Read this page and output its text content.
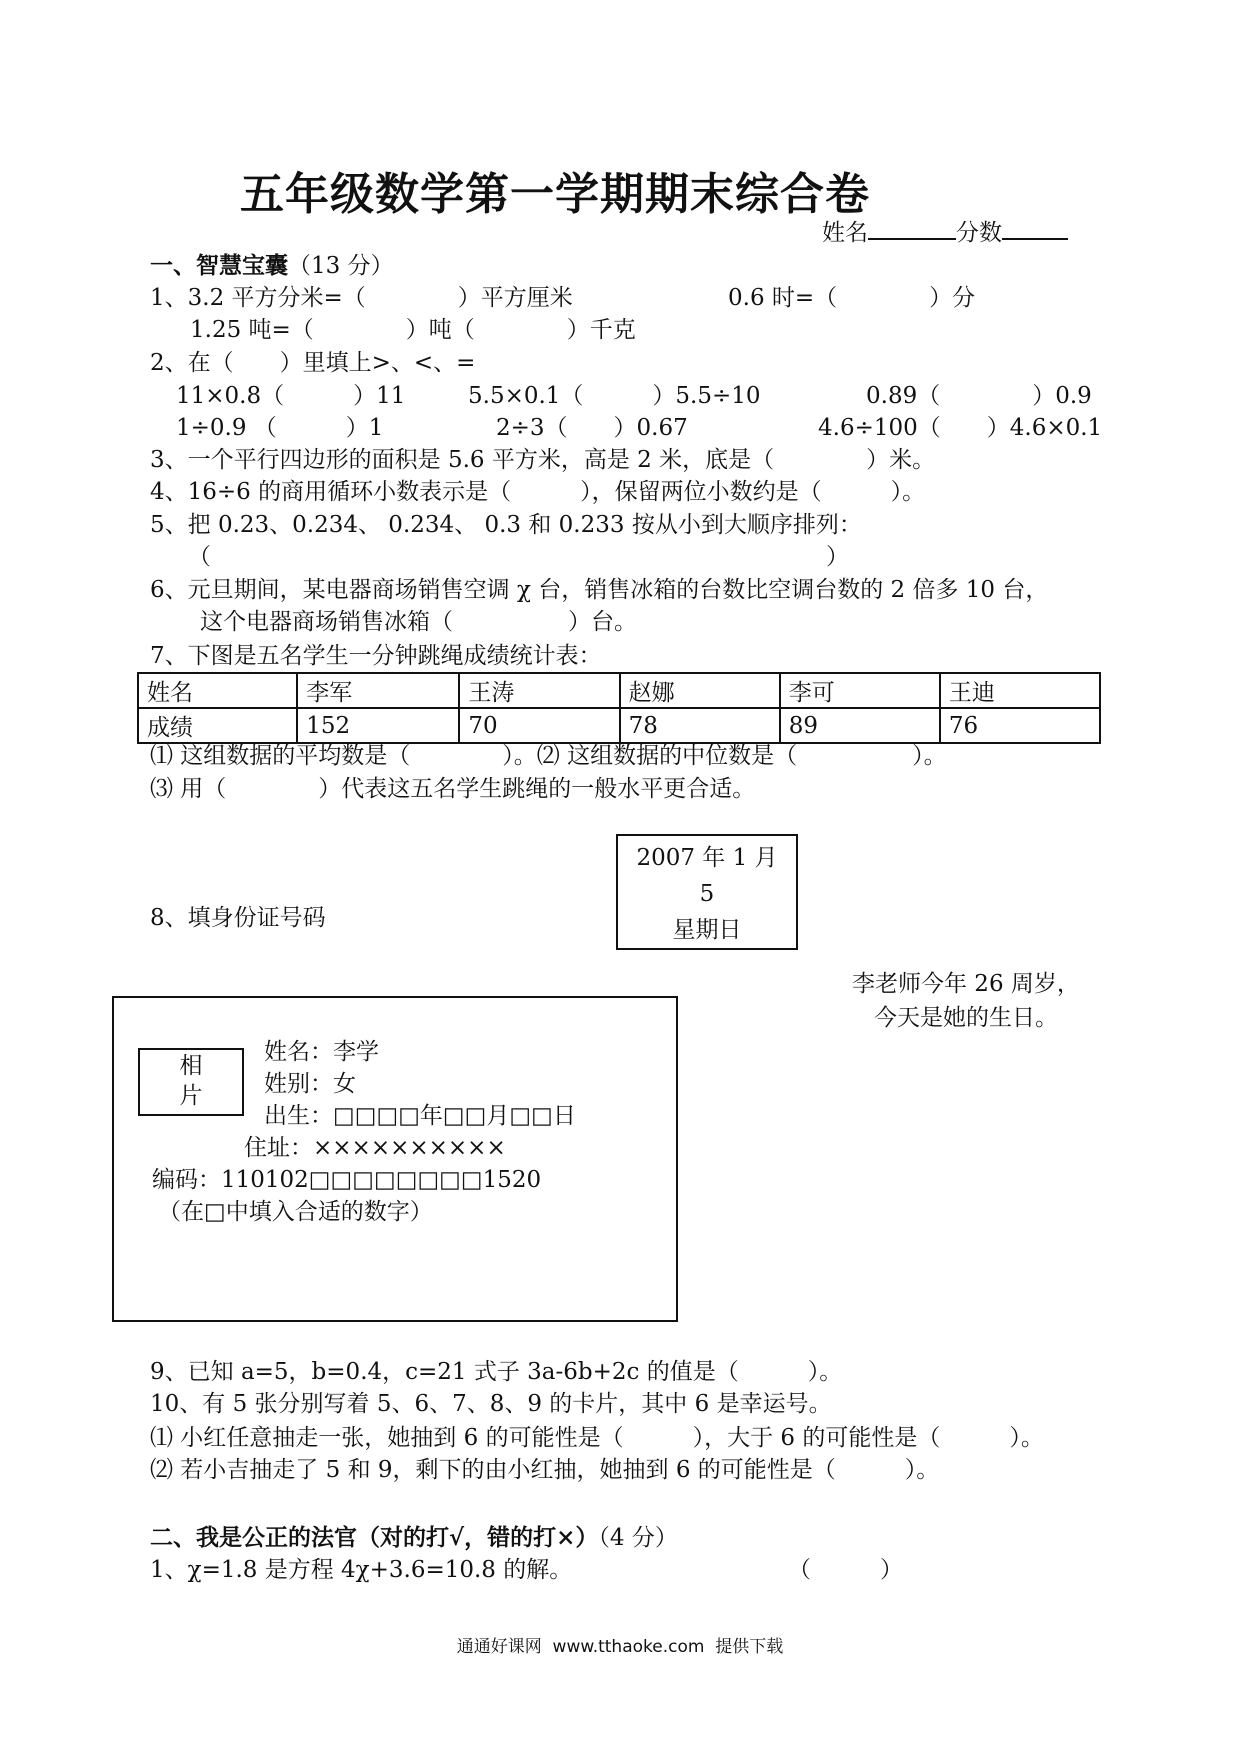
五年级数学第一学期期末综合卷
姓名	分数
一、智慧宝囊（13 分）
1、3.2 平方分米=（　　　　）平方厘米	0.6 时=（　　　　）分
1.25 吨=（　　　　）吨（　　　　）千克
2、在（　　）里填上>、<、=
11×0.8（　　　）11	5.5×0.1（　　　）5.5÷10	0.89（　　　　）0.9
1÷0.9 （　　　）1	2÷3（　　）0.67	4.6÷100（　　）4.6×0.1
3、一个平行四边形的面积是 5.6 平方米，高是 2 米，底是（　　　　）米。
4、16÷6 的商用循环小数表示是（　　　），保留两位小数约是（　　　）。
5、把 0.23、0.234、 0.234、 0.3 和 0.233 按从小到大顺序排列：
（	）
6、元旦期间，某电器商场销售空调 χ 台，销售冰箱的台数比空调台数的 2 倍多 10 台，
这个电器商场销售冰箱（　　　　　）台。
7、下图是五名学生一分钟跳绳成绩统计表：
姓名	李军	王涛	赵娜	李可	王迪
成绩	152	70	78	89	76
⑴ 这组数据的平均数是（　　　　）。⑵ 这组数据的中位数是（　　　　　）。
⑶ 用（　　　　）代表这五名学生跳绳的一般水平更合适。
2007 年 1 月
5
星期日
8、填身份证号码
李老师今年 26 周岁，
今天是她的生日。
相
片
姓名：李学
姓别：女
出生：□□□□年□□月□□日
住址：××××××××××
编码：110102□□□□□□□□1520
（在□中填入合适的数字）
9、已知 a=5，b=0.4，c=21 式子 3a-6b+2c 的值是（　　　）。
10、有 5 张分别写着 5、6、7、8、9 的卡片，其中 6 是幸运号。
⑴ 小红任意抽走一张，她抽到 6 的可能性是（　　　），大于 6 的可能性是（　　　）。
⑵ 若小吉抽走了 5 和 9，剩下的由小红抽，她抽到 6 的可能性是（　　　）。
二、我是公正的法官（对的打√，错的打×）（4 分）
1、χ=1.8 是方程 4χ+3.6=10.8 的解。	（　　　）
通通好课网  www.tthaoke.com  提供下载
